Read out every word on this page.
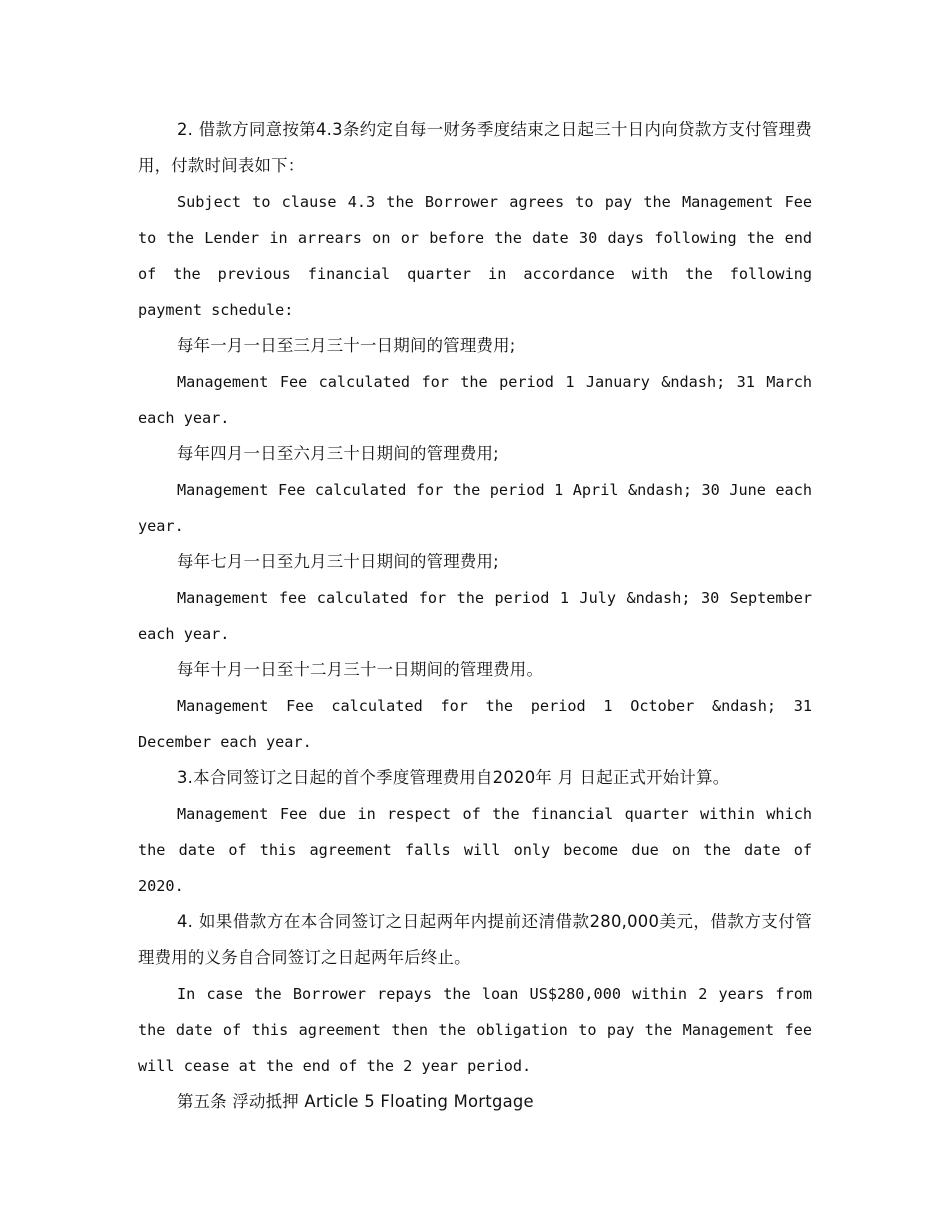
2. 借款方同意按第4.3条约定自每一财务季度结束之日起三十日内向贷款方支付管理费用，付款时间表如下：

Subject to clause 4.3 the Borrower agrees to pay the Management Fee to the Lender in arrears on or before the date 30 days following the end of the previous financial quarter in accordance with the following payment schedule:

每年一月一日至三月三十一日期间的管理费用;

Management Fee calculated for the period 1 January &ndash; 31 March each year.

每年四月一日至六月三十日期间的管理费用;

Management Fee calculated for the period 1 April &ndash; 30 June each year.

每年七月一日至九月三十日期间的管理费用;

Management fee calculated for the period 1 July &ndash; 30 September each year.

每年十月一日至十二月三十一日期间的管理费用。

Management Fee calculated for the period 1 October &ndash; 31 December each year.

3.本合同签订之日起的首个季度管理费用自2020年 月 日起正式开始计算。

Management Fee due in respect of the financial quarter within which the date of this agreement falls will only become due on the date of 2020.

4. 如果借款方在本合同签订之日起两年内提前还清借款280,000美元，借款方支付管理费用的义务自合同签订之日起两年后终止。

In case the Borrower repays the loan US$280,000 within 2 years from the date of this agreement then the obligation to pay the Management fee will cease at the end of the 2 year period.

第五条 浮动抵押 Article 5 Floating Mortgage
